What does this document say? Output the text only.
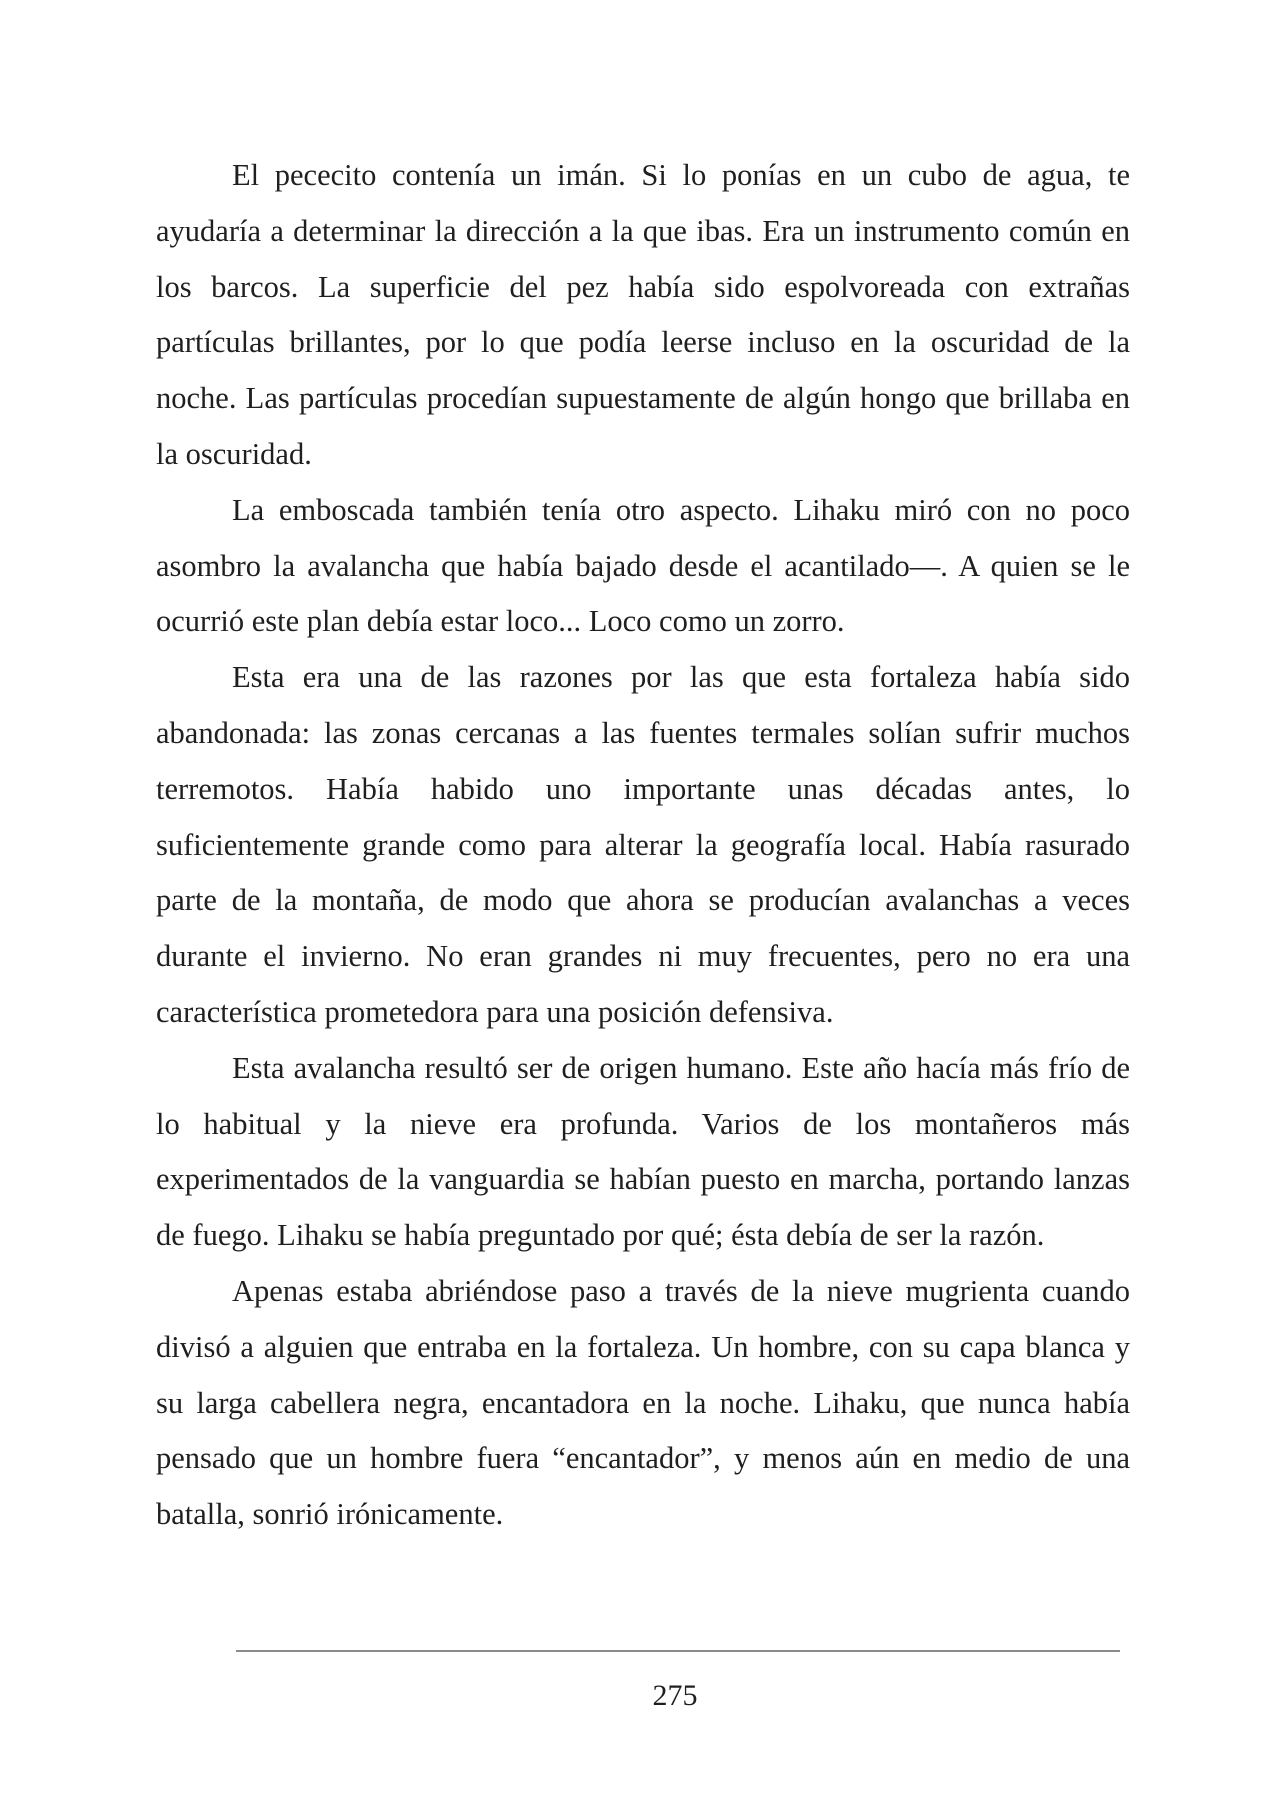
El pececito contenía un imán. Si lo ponías en un cubo de agua, te ayudaría a determinar la dirección a la que ibas. Era un instrumento común en los barcos. La superficie del pez había sido espolvoreada con extrañas partículas brillantes, por lo que podía leerse incluso en la oscuridad de la noche. Las partículas procedían supuestamente de algún hongo que brillaba en la oscuridad.

La emboscada también tenía otro aspecto. Lihaku miró con no poco asombro la avalancha que había bajado desde el acantilado—. A quien se le ocurrió este plan debía estar loco... Loco como un zorro.

Esta era una de las razones por las que esta fortaleza había sido abandonada: las zonas cercanas a las fuentes termales solían sufrir muchos terremotos. Había habido uno importante unas décadas antes, lo suficientemente grande como para alterar la geografía local. Había rasurado parte de la montaña, de modo que ahora se producían avalanchas a veces durante el invierno. No eran grandes ni muy frecuentes, pero no era una característica prometedora para una posición defensiva.

Esta avalancha resultó ser de origen humano. Este año hacía más frío de lo habitual y la nieve era profunda. Varios de los montañeros más experimentados de la vanguardia se habían puesto en marcha, portando lanzas de fuego. Lihaku se había preguntado por qué; ésta debía de ser la razón.

Apenas estaba abriéndose paso a través de la nieve mugrienta cuando divisó a alguien que entraba en la fortaleza. Un hombre, con su capa blanca y su larga cabellera negra, encantadora en la noche. Lihaku, que nunca había pensado que un hombre fuera “encantador”, y menos aún en medio de una batalla, sonrió irónicamente.

275
